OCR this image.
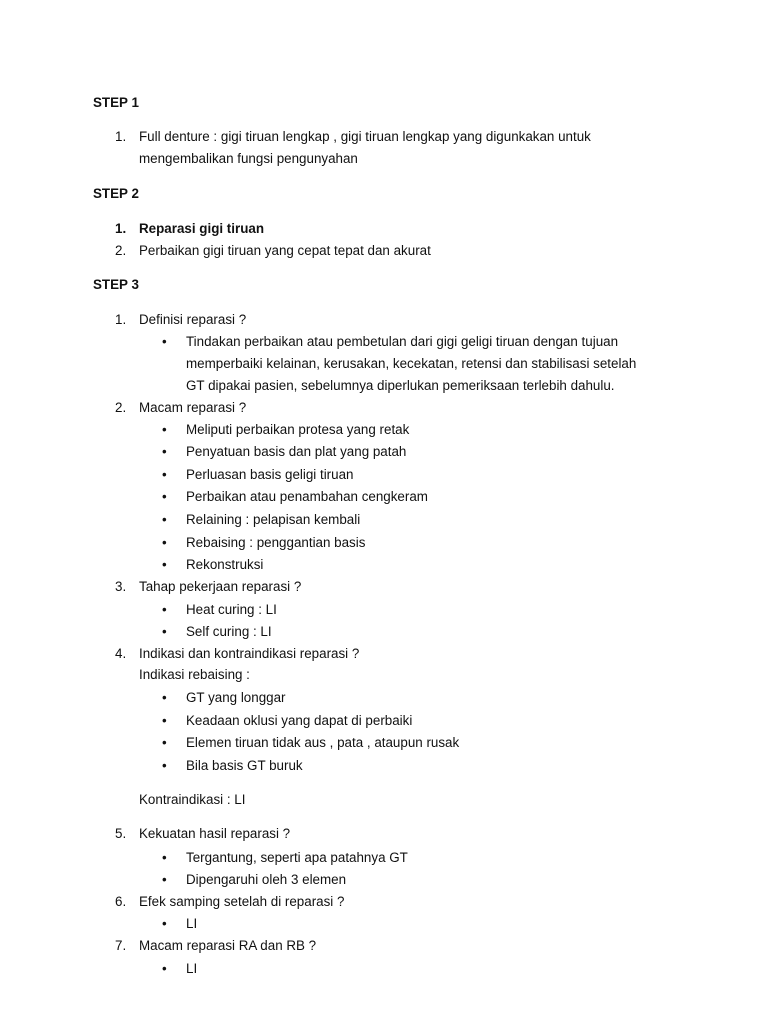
STEP 1
1. Full denture : gigi tiruan lengkap , gigi tiruan lengkap yang digunkakan untuk
mengembalikan fungsi pengunyahan
STEP 2
1. Reparasi gigi tiruan
2. Perbaikan gigi tiruan yang cepat tepat dan akurat
STEP 3
1. Definisi reparasi ?
• Tindakan perbaikan atau pembetulan dari gigi geligi tiruan dengan tujuan
memperbaiki kelainan, kerusakan, kecekatan, retensi dan stabilisasi setelah
GT dipakai pasien, sebelumnya diperlukan pemeriksaan terlebih dahulu.
2. Macam reparasi ?
• Meliputi perbaikan protesa yang retak
• Penyatuan basis dan plat yang patah
• Perluasan basis geligi tiruan
• Perbaikan atau penambahan cengkeram
• Relaining : pelapisan kembali
• Rebaising : penggantian basis
• Rekonstruksi
3. Tahap pekerjaan reparasi ?
• Heat curing : LI
• Self curing : LI
4. Indikasi dan kontraindikasi reparasi ?
Indikasi rebaising :
• GT yang longgar
• Keadaan oklusi yang dapat di perbaiki
• Elemen tiruan tidak aus , pata , ataupun rusak
• Bila basis GT buruk
Kontraindikasi : LI
5. Kekuatan hasil reparasi ?
• Tergantung, seperti apa patahnya GT
• Dipengaruhi oleh 3 elemen
6. Efek samping setelah di reparasi ?
• LI
7. Macam reparasi RA dan RB ?
• LI
